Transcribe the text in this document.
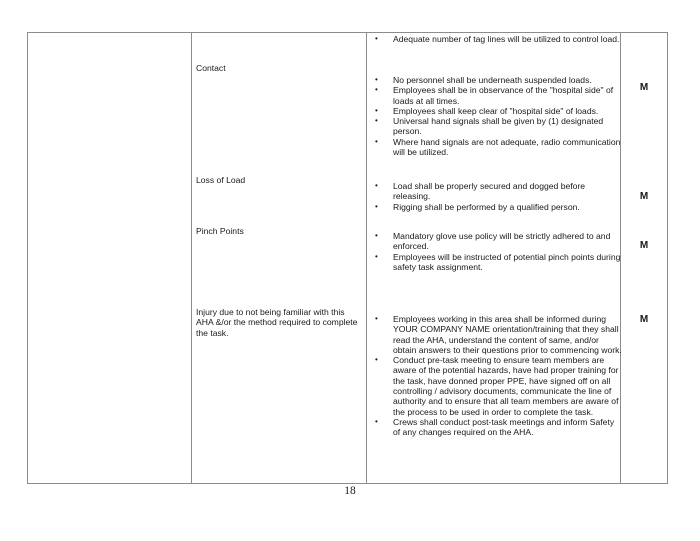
• Adequate number of tag lines will be utilized to control load.
Contact
• No personnel shall be underneath suspended loads.
• Employees shall be in observance of the "hospital side" of loads at all times.
• Employees shall keep clear of "hospital side" of loads.
• Universal hand signals shall be given by (1) designated person.
• Where hand signals are not adequate, radio communication will be utilized.
M
Loss of Load
• Load shall be properly secured and dogged before releasing.
• Rigging shall be performed by a qualified person.
M
Pinch Points	• Mandatory glove use policy will be strictly adhered to and enforced.
• Employees will be instructed of potential pinch points during safety task assignment.
M
Injury due to not being familiar with this AHA &/or the method required to complete the task.
• Employees working in this area shall be informed during YOUR COMPANY NAME orientation/training that they shall read the AHA, understand the content of same, and/or obtain answers to their questions prior to commencing work.
• Conduct pre-task meeting to ensure team members are aware of the potential hazards, have had proper training for the task, have donned proper PPE, have signed off on all controlling / advisory documents, communicate the line of authority and to ensure that all team members are aware of the process to be used in order to complete the task.
• Crews shall conduct post-task meetings and inform Safety of any changes required on the AHA.
M
18
